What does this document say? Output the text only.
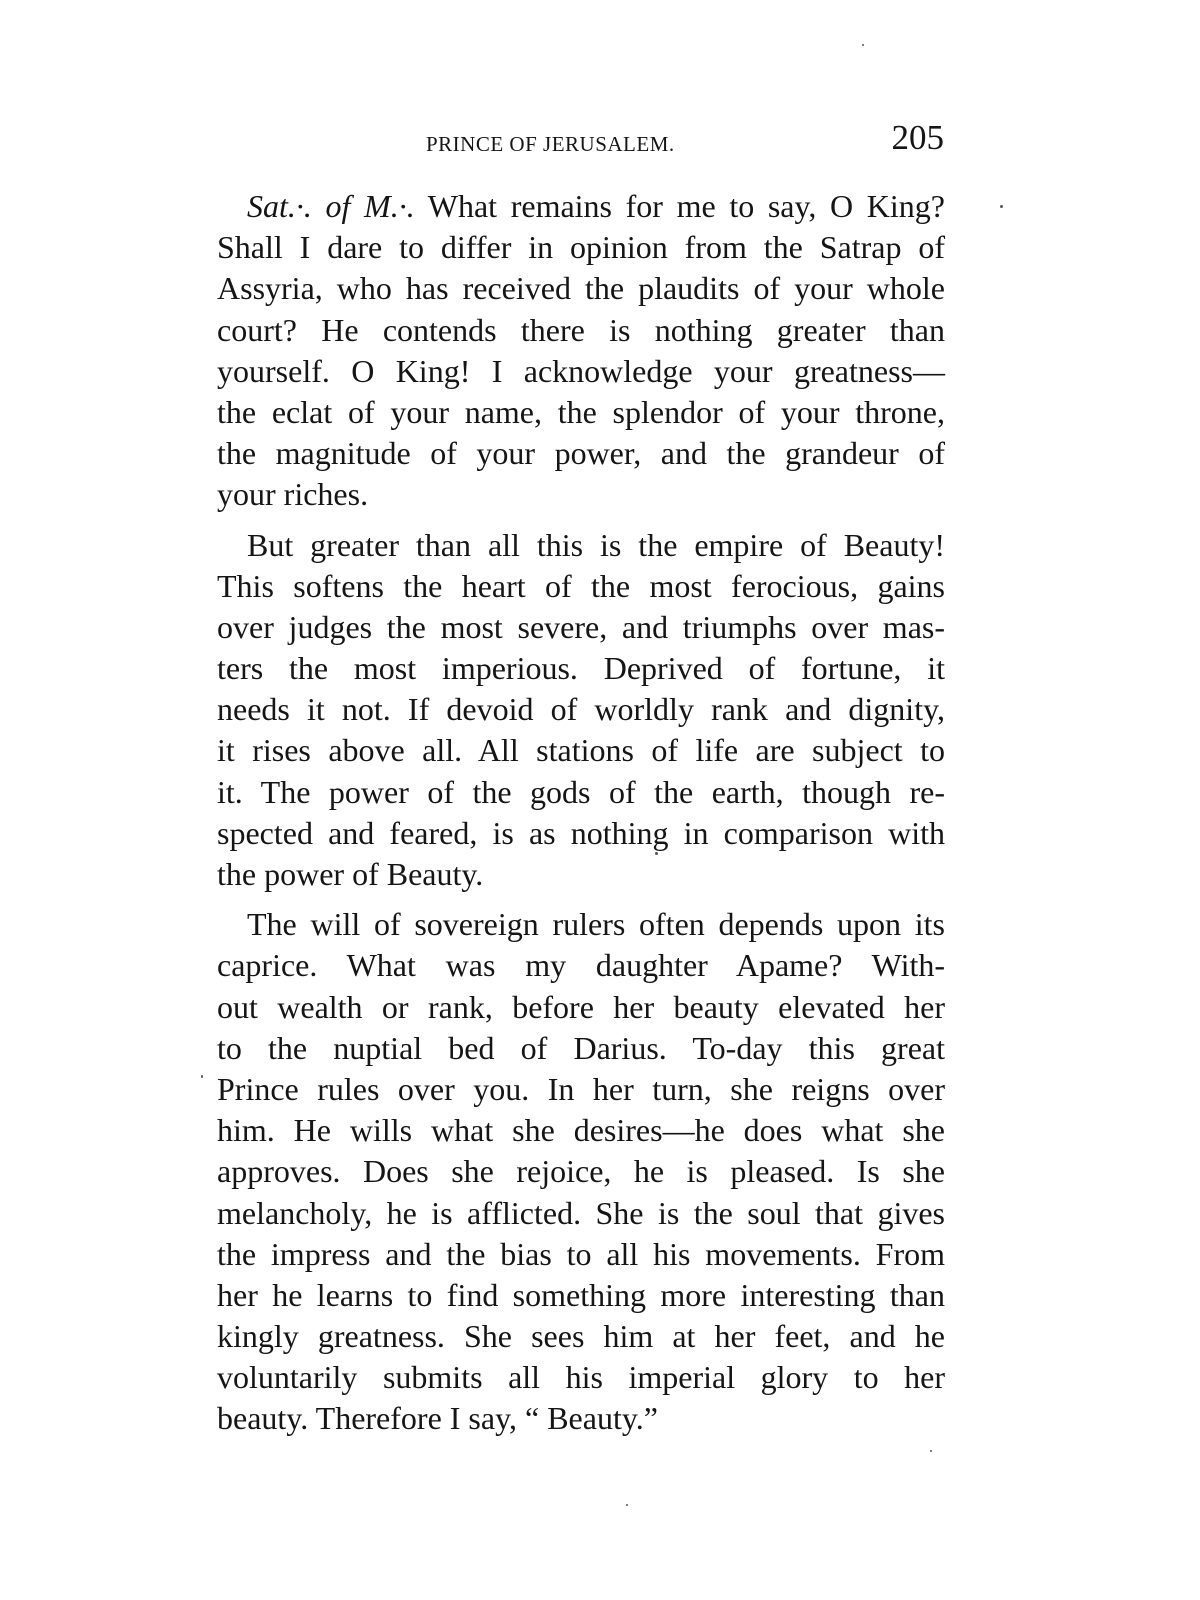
PRINCE OF JERUSALEM.	205

Sat.·. of M.·. What remains for me to say, O King?
Shall I dare to differ in opinion from the Satrap of
Assyria, who has received the plaudits of your whole
court? He contends there is nothing greater than
yourself. O King! I acknowledge your greatness—
the eclat of your name, the splendor of your throne,
the magnitude of your power, and the grandeur of
your riches.

But greater than all this is the empire of Beauty!
This softens the heart of the most ferocious, gains
over judges the most severe, and triumphs over mas-
ters the most imperious. Deprived of fortune, it
needs it not. If devoid of worldly rank and dignity,
it rises above all. All stations of life are subject to
it. The power of the gods of the earth, though re-
spected and feared, is as nothing in comparison with
the power of Beauty.

The will of sovereign rulers often depends upon its
caprice. What was my daughter Apame? With-
out wealth or rank, before her beauty elevated her
to the nuptial bed of Darius. To-day this great
Prince rules over you. In her turn, she reigns over
him. He wills what she desires—he does what she
approves. Does she rejoice, he is pleased. Is she
melancholy, he is afflicted. She is the soul that gives
the impress and the bias to all his movements. From
her he learns to find something more interesting than
kingly greatness. She sees him at her feet, and he
voluntarily submits all his imperial glory to her
beauty. Therefore I say, “ Beauty.”
